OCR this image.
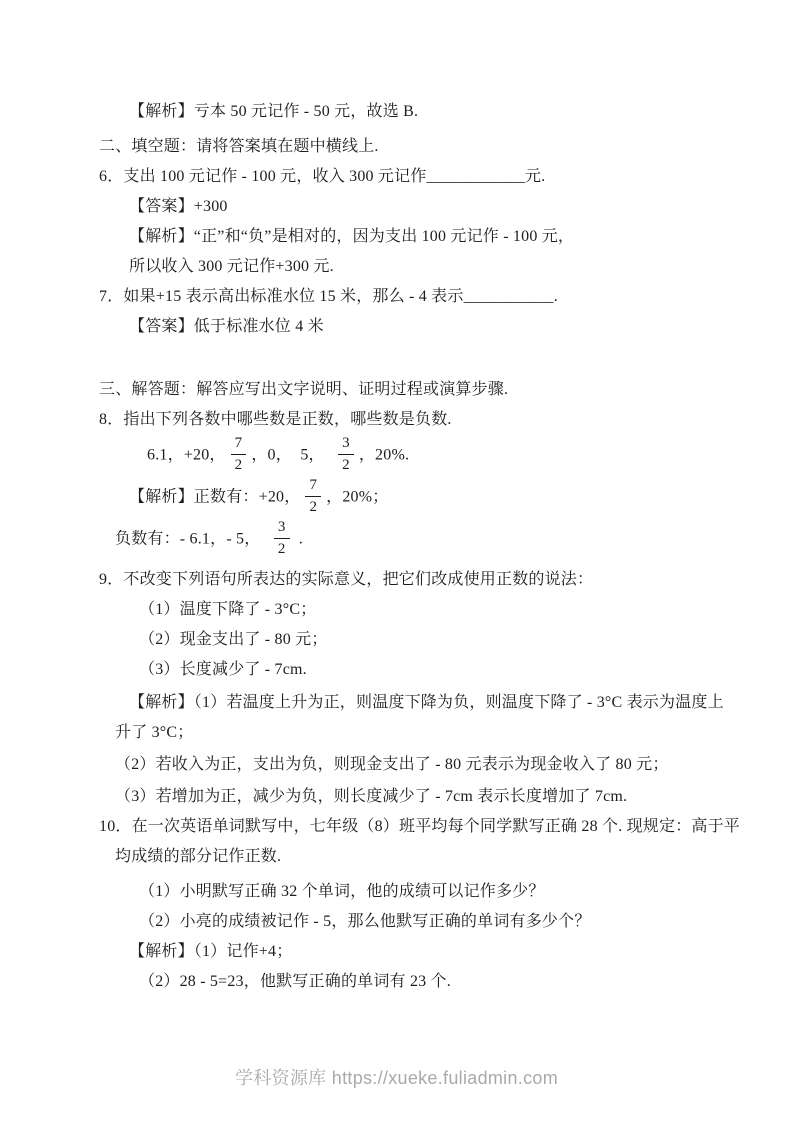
【解析】亏本 50 元记作 - 50 元，故选 B.
二、填空题：请将答案填在题中横线上.
6．支出 100 元记作 - 100 元，收入 300 元记作____________元.
【答案】+300
【解析】“正”和“负”是相对的，因为支出 100 元记作 - 100 元，
所以收入 300 元记作+300 元.
7．如果+15 表示高出标准水位 15 米，那么 - 4 表示___________.
【答案】低于标准水位 4 米
三、解答题：解答应写出文字说明、证明过程或演算步骤.
8．指出下列各数中哪些数是正数，哪些数是负数.
6.1，+20， $\frac{7}{2}$ ，0，  5， $\frac{3}{2}$ ，20%.
【解析】正数有：+20， $\frac{7}{2}$ ，20%；
负数有：- 6.1，- 5， $\frac{3}{2}$ .
9．不改变下列语句所表达的实际意义，把它们改成使用正数的说法：
（1）温度下降了 - 3°C；
（2）现金支出了 - 80 元；
（3）长度减少了 - 7cm.
【解析】（1）若温度上升为正，则温度下降为负，则温度下降了 - 3°C 表示为温度上
升了 3°C；
（2）若收入为正，支出为负，则现金支出了 - 80 元表示为现金收入了 80 元；
（3）若增加为正，减少为负，则长度减少了 - 7cm 表示长度增加了 7cm.
10．在一次英语单词默写中，七年级（8）班平均每个同学默写正确 28 个. 现规定：高于平
均成绩的部分记作正数.
（1）小明默写正确 32 个单词，他的成绩可以记作多少？
（2）小亮的成绩被记作 - 5，那么他默写正确的单词有多少个？
【解析】（1）记作+4；
（2）28 - 5=23，他默写正确的单词有 23 个.
学科资源库 https://xueke.fuliadmin.com
